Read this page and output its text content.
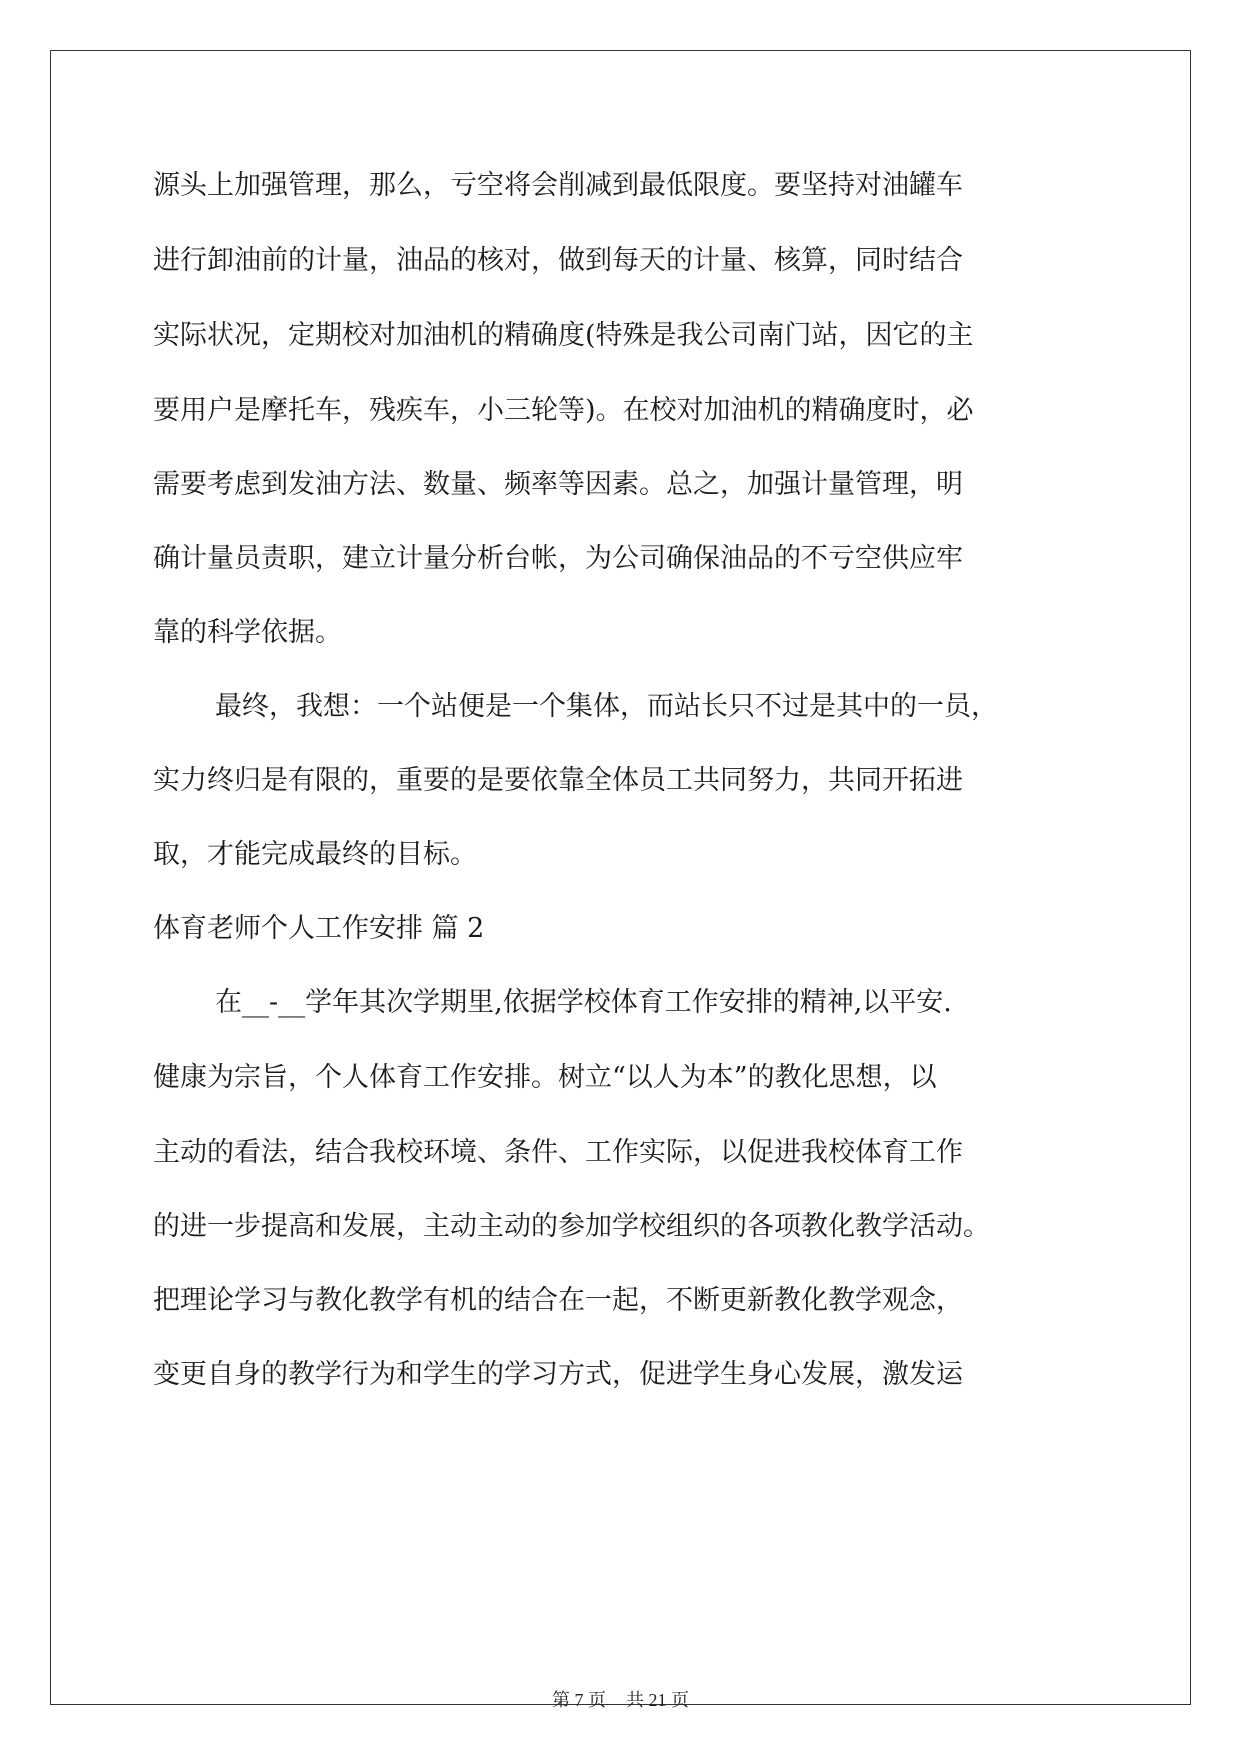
源头上加强管理，那么，亏空将会削减到最低限度。要坚持对油罐车
进行卸油前的计量，油品的核对，做到每天的计量、核算，同时结合
实际状况，定期校对加油机的精确度(特殊是我公司南门站，因它的主
要用户是摩托车，残疾车，小三轮等)。在校对加油机的精确度时，必
需要考虑到发油方法、数量、频率等因素。总之，加强计量管理，明
确计量员责职，建立计量分析台帐，为公司确保油品的不亏空供应牢
靠的科学依据。
最终，我想：一个站便是一个集体，而站长只不过是其中的一员，
实力终归是有限的，重要的是要依靠全体员工共同努力，共同开拓进
取，才能完成最终的目标。
体育老师个人工作安排 篇 2
在__-__学年其次学期里,依据学校体育工作安排的精神,以平安.
健康为宗旨，个人体育工作安排。树立“以人为本”的教化思想，以
主动的看法，结合我校环境、条件、工作实际，以促进我校体育工作
的进一步提高和发展，主动主动的参加学校组织的各项教化教学活动。
把理论学习与教化教学有机的结合在一起，不断更新教化教学观念，
变更自身的教学行为和学生的学习方式，促进学生身心发展，激发运
第 7 页 共 21 页
